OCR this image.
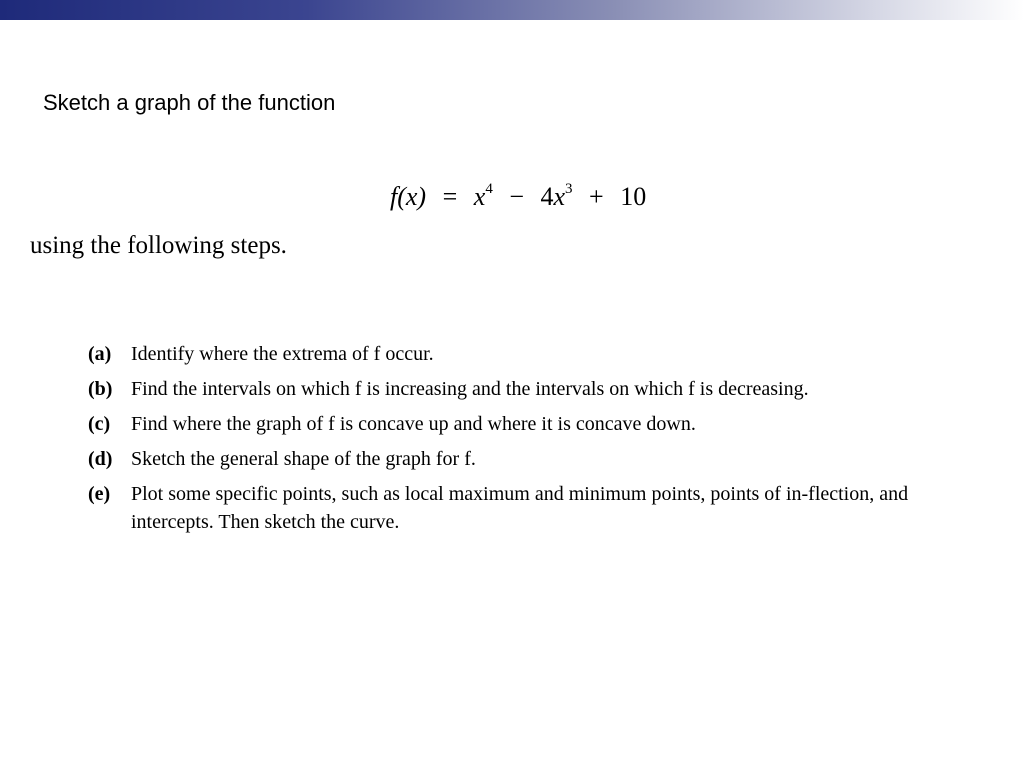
Sketch a graph of the function
$f(x) = x^4 - 4x^3 + 10$
using the following steps.
(a) Identify where the extrema of f occur.
(b) Find the intervals on which f is increasing and the intervals on which f is decreasing.
(c) Find where the graph of f is concave up and where it is concave down.
(d) Sketch the general shape of the graph for f.
(e) Plot some specific points, such as local maximum and minimum points, points of in-flection, and intercepts. Then sketch the curve.
